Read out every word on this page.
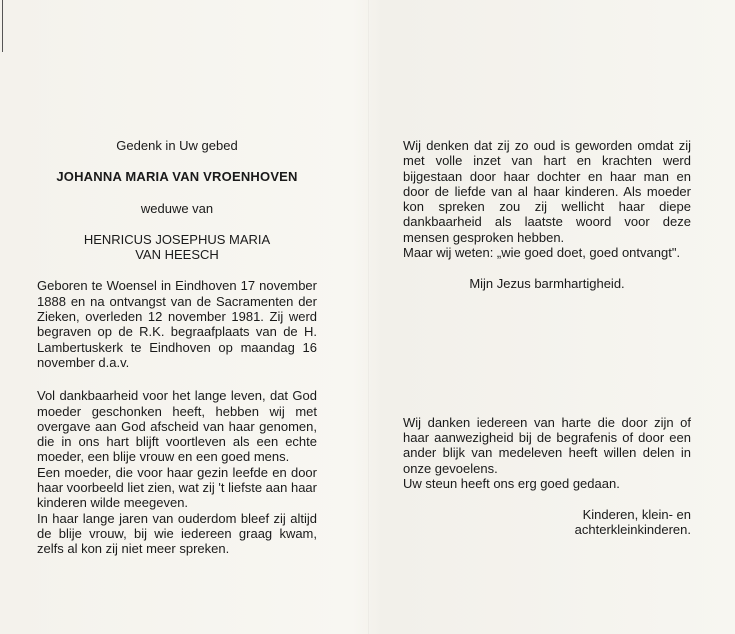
Gedenk in Uw gebed

JOHANNA MARIA VAN VROENHOVEN

weduwe van

HENRICUS JOSEPHUS MARIA

VAN HEESCH

Geboren te Woensel in Eindhoven 17 november 1888 en na ontvangst van de Sacramenten der Zieken, overleden 12 november 1981. Zij werd begraven op de R.K. begraafplaats van de H. Lambertuskerk te Eindhoven op maandag 16 november d.a.v.

Vol dankbaarheid voor het lange leven, dat God moeder geschonken heeft, hebben wij met overgave aan God afscheid van haar genomen, die in ons hart blijft voortleven als een echte moeder, een blije vrouw en een goed mens.

Een moeder, die voor haar gezin leefde en door haar voorbeeld liet zien, wat zij 't liefste aan haar kinderen wilde meegeven.

In haar lange jaren van ouderdom bleef zij altijd de blije vrouw, bij wie iedereen graag kwam, zelfs al kon zij niet meer spreken.

Wij denken dat zij zo oud is geworden omdat zij met volle inzet van hart en krachten werd bijgestaan door haar dochter en haar man en door de liefde van al haar kinderen. Als moeder kon spreken zou zij wellicht haar diepe dankbaarheid als laatste woord voor deze mensen gesproken hebben.

Maar wij weten: „wie goed doet, goed ontvangt".

Mijn Jezus barmhartigheid.

Wij danken iedereen van harte die door zijn of haar aanwezigheid bij de begrafenis of door een ander blijk van medeleven heeft willen delen in onze gevoelens.

Uw steun heeft ons erg goed gedaan.

Kinderen, klein- en

achterkleinkinderen.
